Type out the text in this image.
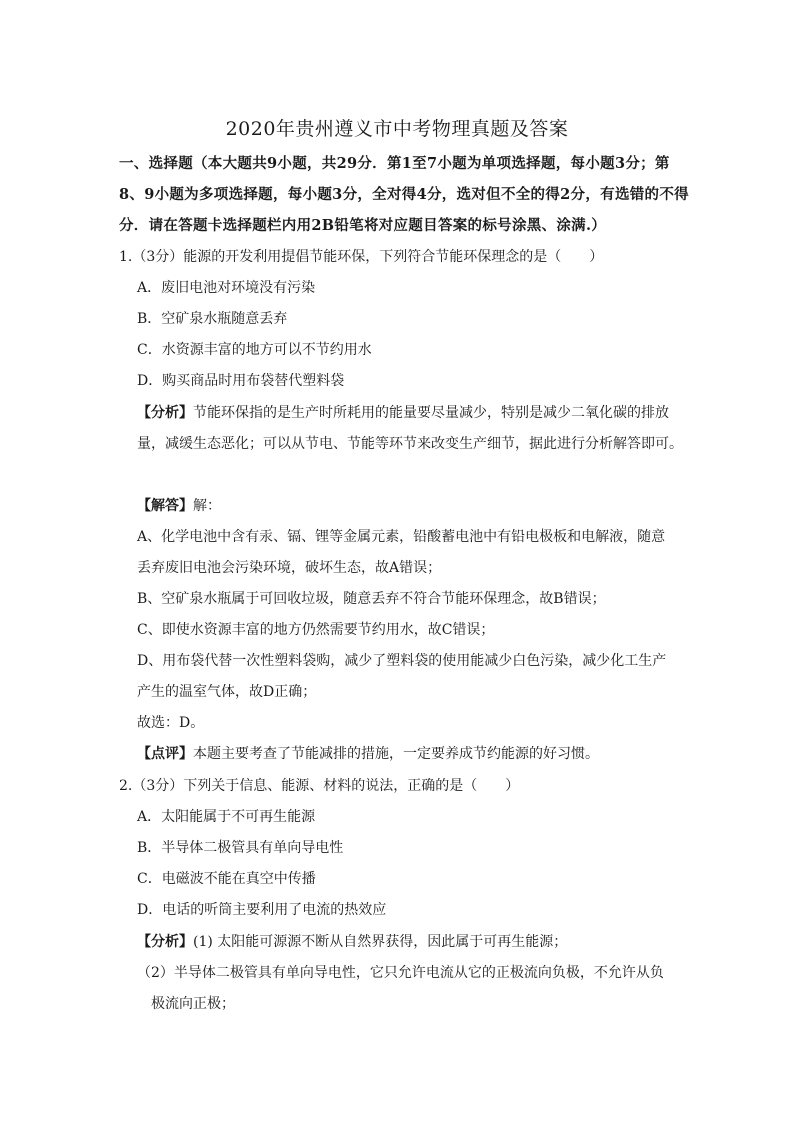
2020年贵州遵义市中考物理真题及答案
一、选择题（本大题共9小题，共29分．第1至7小题为单项选择题，每小题3分；第
8、9小题为多项选择题，每小题3分，全对得4分，选对但不全的得2分，有选错的不得
分．请在答题卡选择题栏内用2B铅笔将对应题目答案的标号涂黑、涂满.）
1.（3分）能源的开发利用提倡节能环保，下列符合节能环保理念的是（　　）
A．废旧电池对环境没有污染
B．空矿泉水瓶随意丢弃
C．水资源丰富的地方可以不节约用水
D．购买商品时用布袋替代塑料袋
【分析】节能环保指的是生产时所耗用的能量要尽量减少，特别是减少二氧化碳的排放
量，减缓生态恶化；可以从节电、节能等环节来改变生产细节，据此进行分析解答即可。
【解答】解：
A、化学电池中含有汞、镉、锂等金属元素，铅酸蓄电池中有铅电极板和电解液，随意
丢弃废旧电池会污染环境，破坏生态，故A错误；
B、空矿泉水瓶属于可回收垃圾，随意丢弃不符合节能环保理念，故B错误；
C、即使水资源丰富的地方仍然需要节约用水，故C错误；
D、用布袋代替一次性塑料袋购，减少了塑料袋的使用能减少白色污染，减少化工生产
产生的温室气体，故D正确；
故选：D。
【点评】本题主要考查了节能减排的措施，一定要养成节约能源的好习惯。
2.（3分）下列关于信息、能源、材料的说法，正确的是（　　）
A．太阳能属于不可再生能源
B．半导体二极管具有单向导电性
C．电磁波不能在真空中传播
D．电话的听筒主要利用了电流的热效应
【分析】(1) 太阳能可源源不断从自然界获得，因此属于可再生能源；
（2）半导体二极管具有单向导电性，它只允许电流从它的正极流向负极，不允许从负
极流向正极；
